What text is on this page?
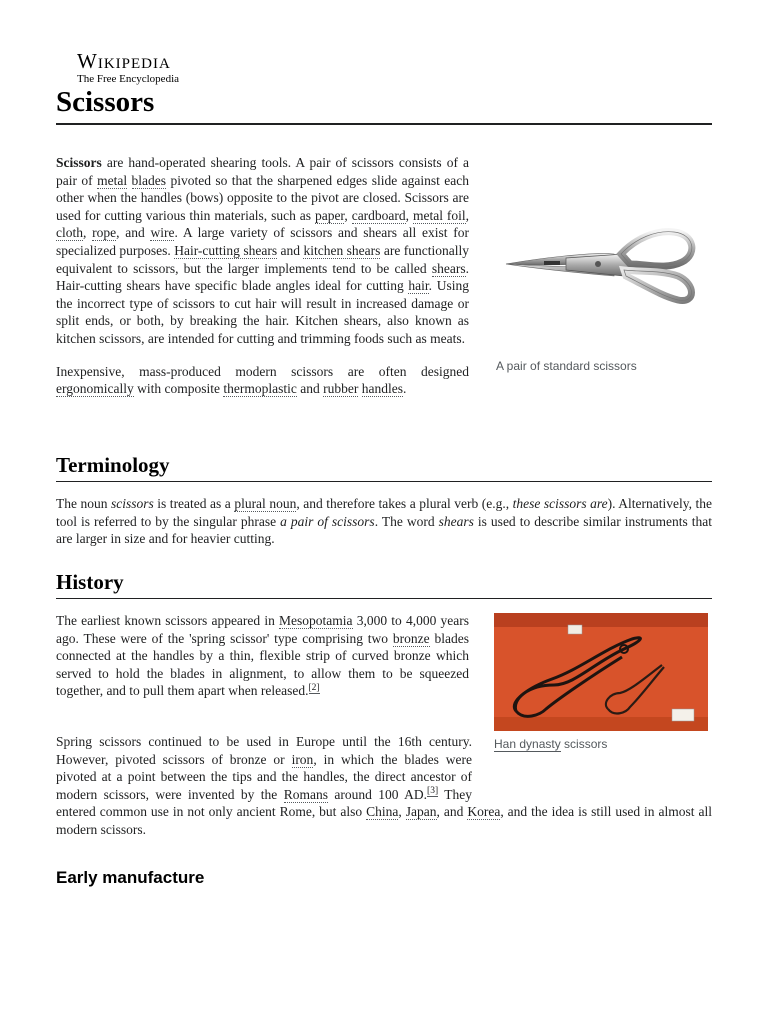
Wikipedia
The Free Encyclopedia
Scissors

Scissors are hand-operated shearing tools. A pair of scissors consists of a pair of metal blades pivoted so that the sharpened edges slide against each other when the handles (bows) opposite to the pivot are closed. Scissors are used for cutting various thin materials, such as paper, cardboard, metal foil, cloth, rope, and wire. A large variety of scissors and shears all exist for specialized purposes. Hair-cutting shears and kitchen shears are functionally equivalent to scissors, but the larger implements tend to be called shears. Hair-cutting shears have specific blade angles ideal for cutting hair. Using the incorrect type of scissors to cut hair will result in increased damage or split ends, or both, by breaking the hair. Kitchen shears, also known as kitchen scissors, are intended for cutting and trimming foods such as meats.

Inexpensive, mass-produced modern scissors are often designed ergonomically with composite thermoplastic and rubber handles.

A pair of standard scissors
Terminology

The noun scissors is treated as a plural noun, and therefore takes a plural verb (e.g., these scissors are). Alternatively, the tool is referred to by the singular phrase a pair of scissors. The word shears is used to describe similar instruments that are larger in size and for heavier cutting.

History
Han dynasty scissors

The earliest known scissors appeared in Mesopotamia 3,000 to 4,000 years ago. These were of the 'spring scissor' type comprising two bronze blades connected at the handles by a thin, flexible strip of curved bronze which served to hold the blades in alignment, to allow them to be squeezed together, and to pull them apart when released.[2]

Spring scissors continued to be used in Europe until the 16th century. However, pivoted scissors of bronze or iron, in which the blades were pivoted at a point between the tips and the handles, the direct ancestor of modern scissors, were invented by the Romans around 100 AD.[3] They entered common use in not only ancient Rome, but also China, Japan, and Korea, and the idea is still used in almost all modern scissors.

Early manufacture
